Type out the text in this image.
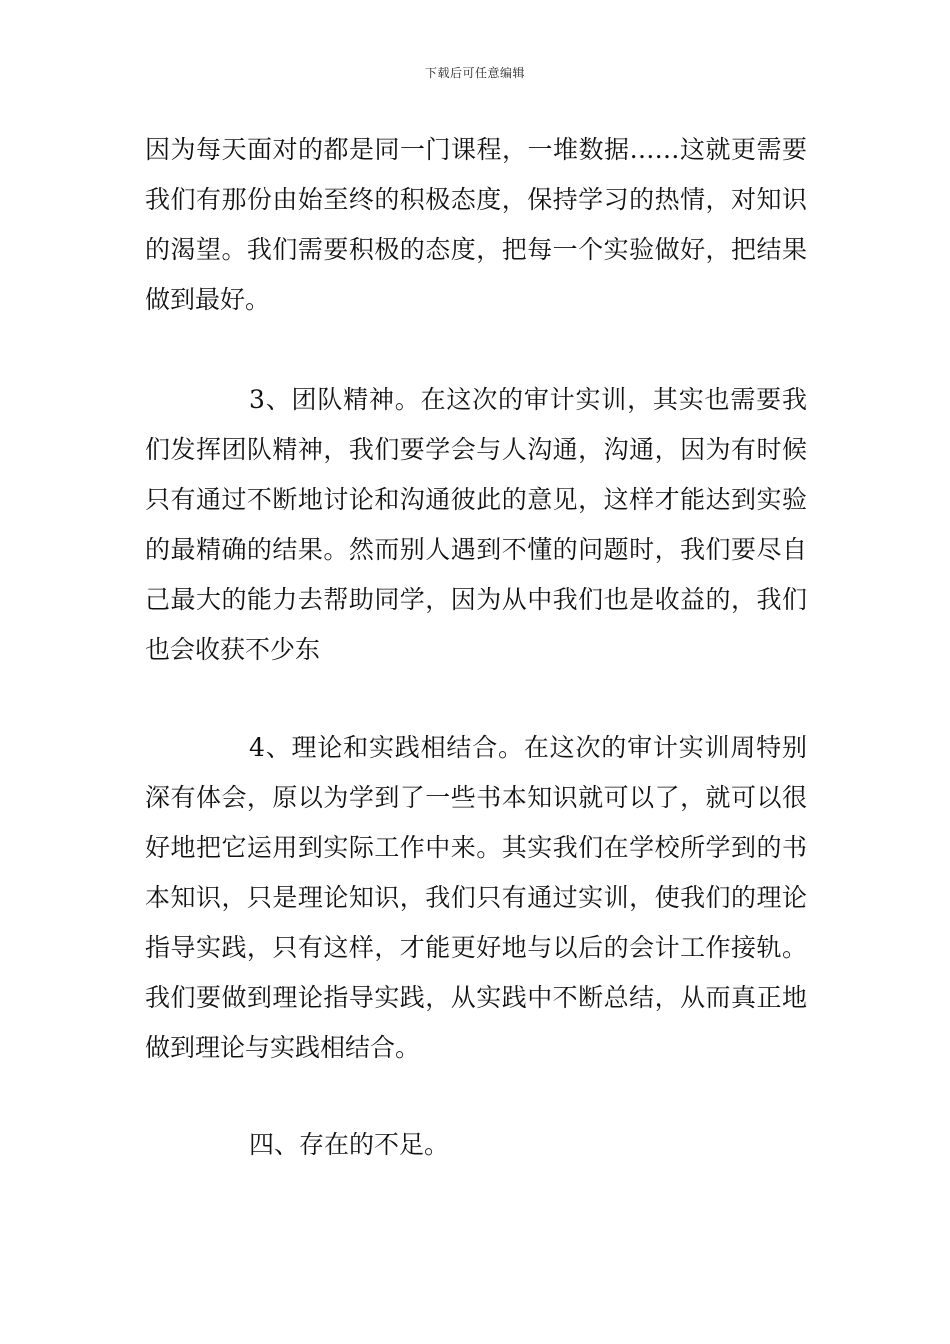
下载后可任意编辑

因为每天面对的都是同一门课程，一堆数据……这就更需要我们有那份由始至终的积极态度，保持学习的热情，对知识的渴望。我们需要积极的态度，把每一个实验做好，把结果做到最好。

3、团队精神。在这次的审计实训，其实也需要我们发挥团队精神，我们要学会与人沟通，沟通，因为有时候只有通过不断地讨论和沟通彼此的意见，这样才能达到实验的最精确的结果。然而别人遇到不懂的问题时，我们要尽自己最大的能力去帮助同学，因为从中我们也是收益的，我们也会收获不少东

4、理论和实践相结合。在这次的审计实训周特别深有体会，原以为学到了一些书本知识就可以了，就可以很好地把它运用到实际工作中来。其实我们在学校所学到的书本知识，只是理论知识，我们只有通过实训，使我们的理论指导实践，只有这样，才能更好地与以后的会计工作接轨。我们要做到理论指导实践，从实践中不断总结，从而真正地做到理论与实践相结合。

四、存在的不足。
